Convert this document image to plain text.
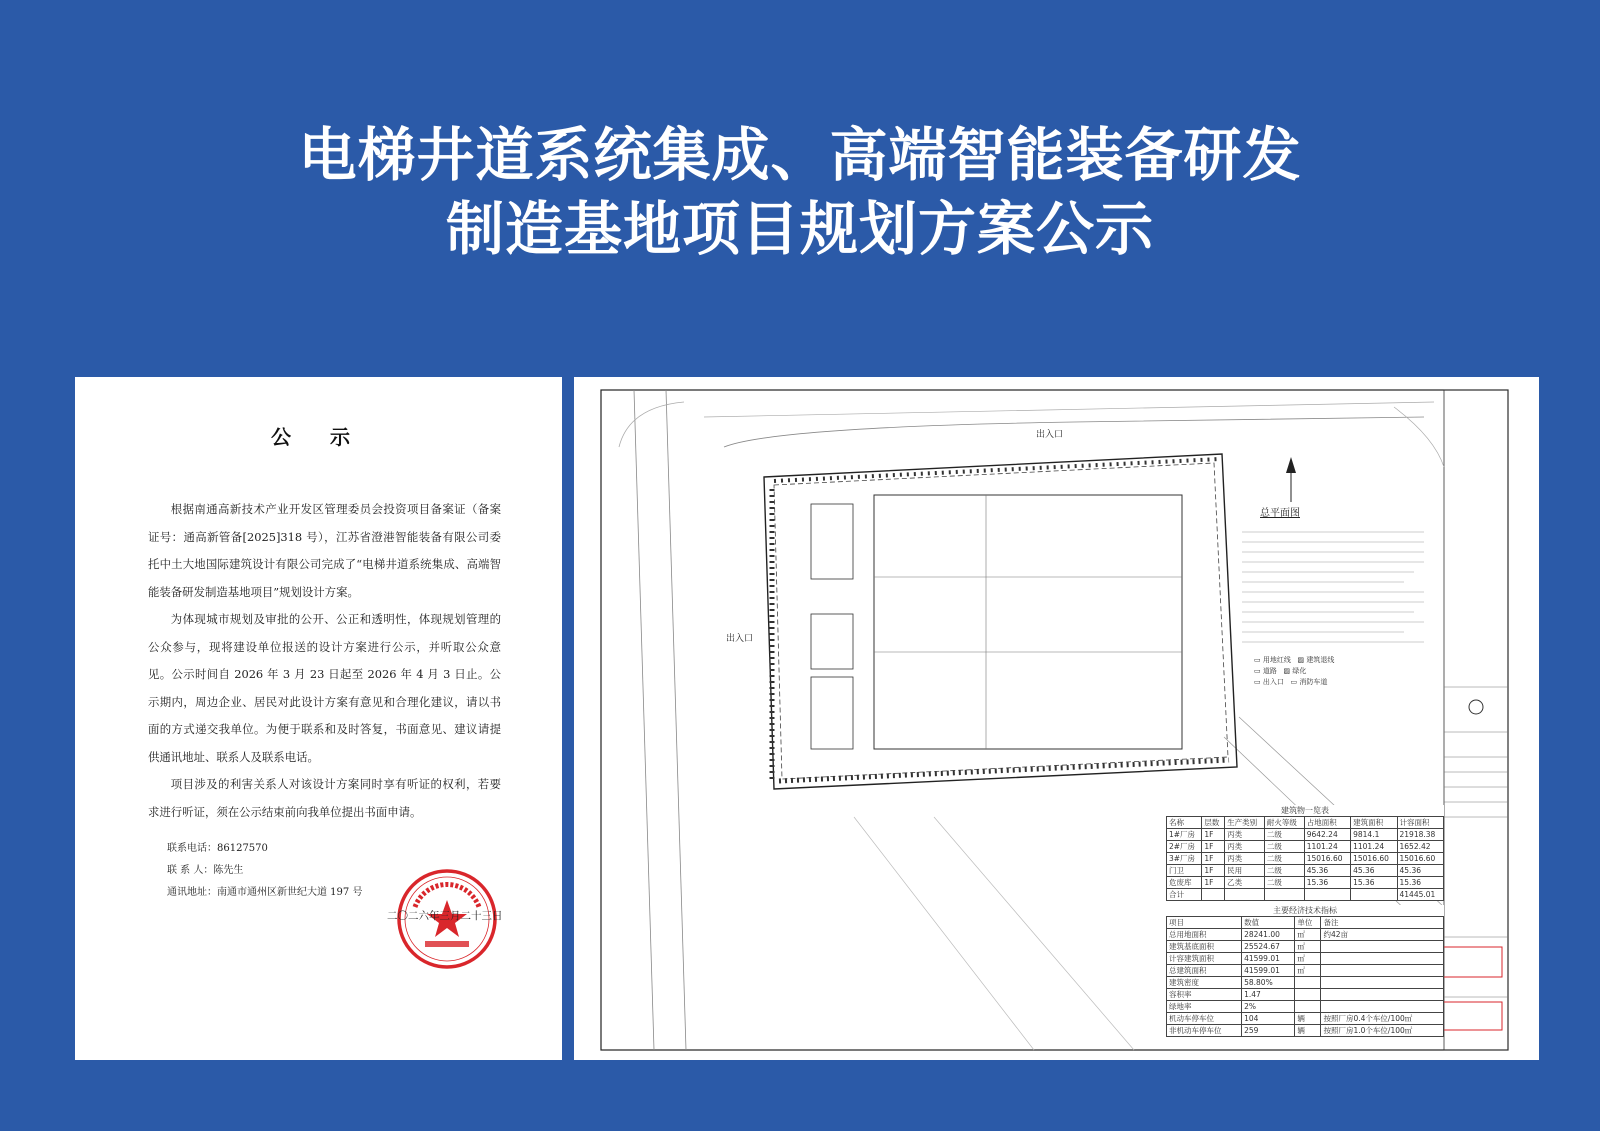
电梯井道系统集成、高端智能装备研发
制造基地项目规划方案公示
公 示

根据南通高新技术产业开发区管理委员会投资项目备案证（备案证号：通高新管备[2025]318 号），江苏省澄港智能装备有限公司委托中土大地国际建筑设计有限公司完成了“电梯井道系统集成、高端智能装备研发制造基地项目”规划设计方案。

为体现城市规划及审批的公开、公正和透明性，体现规划管理的公众参与，现将建设单位报送的设计方案进行公示，并听取公众意见。公示时间自 2026 年 3 月 23 日起至 2026 年 4 月 3 日止。公示期内，周边企业、居民对此设计方案有意见和合理化建议，请以书面的方式递交我单位。为便于联系和及时答复，书面意见、建议请提供通讯地址、联系人及联系电话。

项目涉及的利害关系人对该设计方案同时享有听证的权利，若要求进行听证，须在公示结束前向我单位提出书面申请。

联系电话：86127570
联 系 人：陈先生
通讯地址：南通市通州区新世纪大道 197 号
二〇二六年三月二十三日
出入口
出入口
总平面图
▭ 用地红线   ▨ 建筑退线
▭ 道路   ▨ 绿化
▭ 出入口   ▭ 消防车道
建筑物一览表
名称	层数	生产类别	耐火等级	占地面积	建筑面积	计容面积
1#厂房	1F	丙类	二级	9642.24	9814.1	21918.38
2#厂房	1F	丙类	二级	1101.24	1101.24	1652.42
3#厂房	1F	丙类	二级	15016.60	15016.60	15016.60
门卫	1F	民用	二级	45.36	45.36	45.36
危废库	1F	乙类	二级	15.36	15.36	15.36
合计						41445.01
主要经济技术指标
项目	数值	单位	备注
总用地面积	28241.00	㎡	约42亩
建筑基底面积	25524.67	㎡	
计容建筑面积	41599.01	㎡	
总建筑面积	41599.01	㎡	
建筑密度	58.80%		
容积率	1.47		
绿地率	2%		
机动车停车位	104	辆	按照厂房0.4个车位/100㎡
非机动车停车位	259	辆	按照厂房1.0个车位/100㎡
